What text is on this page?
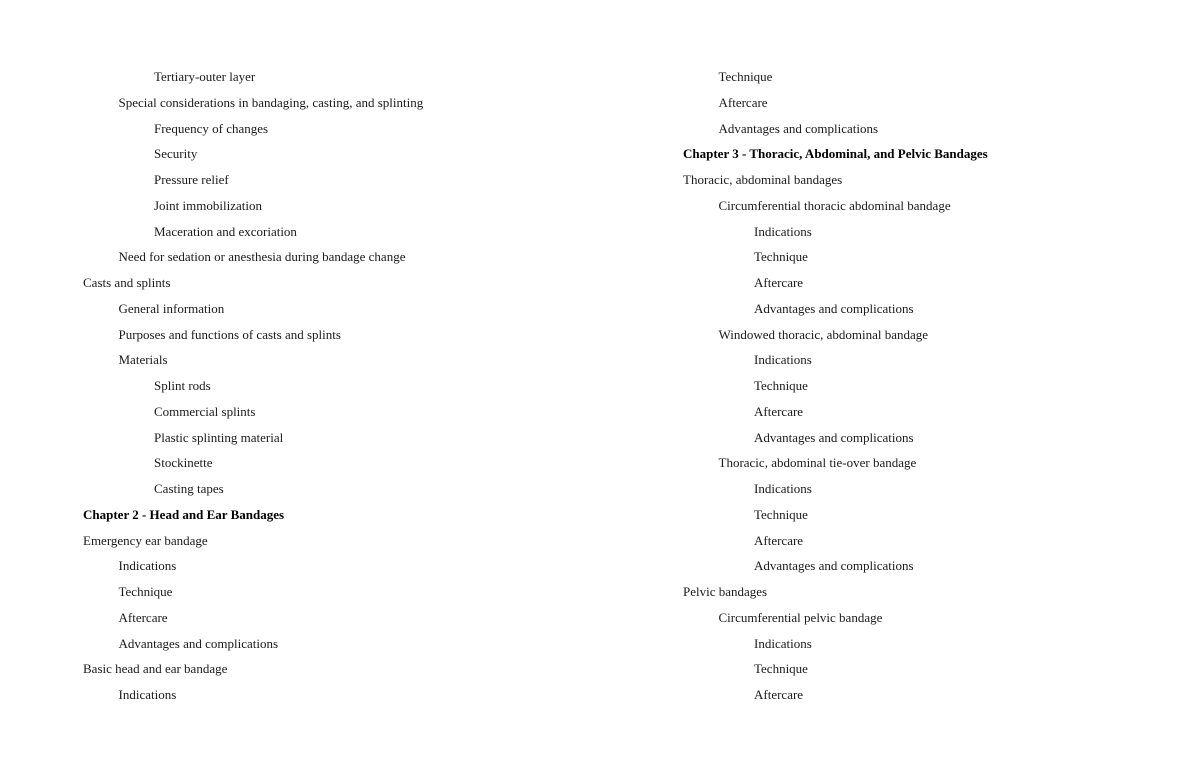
Tertiary-outer layer
Special considerations in bandaging, casting, and splinting
Frequency of changes
Security
Pressure relief
Joint immobilization
Maceration and excoriation
Need for sedation or anesthesia during bandage change
Casts and splints
General information
Purposes and functions of casts and splints
Materials
Splint rods
Commercial splints
Plastic splinting material
Stockinette
Casting tapes
Chapter 2 - Head and Ear Bandages
Emergency ear bandage
Indications
Technique
Aftercare
Advantages and complications
Basic head and ear bandage
Indications
Technique
Aftercare
Advantages and complications
Chapter 3 - Thoracic, Abdominal, and Pelvic Bandages
Thoracic, abdominal bandages
Circumferential thoracic abdominal bandage
Indications
Technique
Aftercare
Advantages and complications
Windowed thoracic, abdominal bandage
Indications
Technique
Aftercare
Advantages and complications
Thoracic, abdominal tie-over bandage
Indications
Technique
Aftercare
Advantages and complications
Pelvic bandages
Circumferential pelvic bandage
Indications
Technique
Aftercare
